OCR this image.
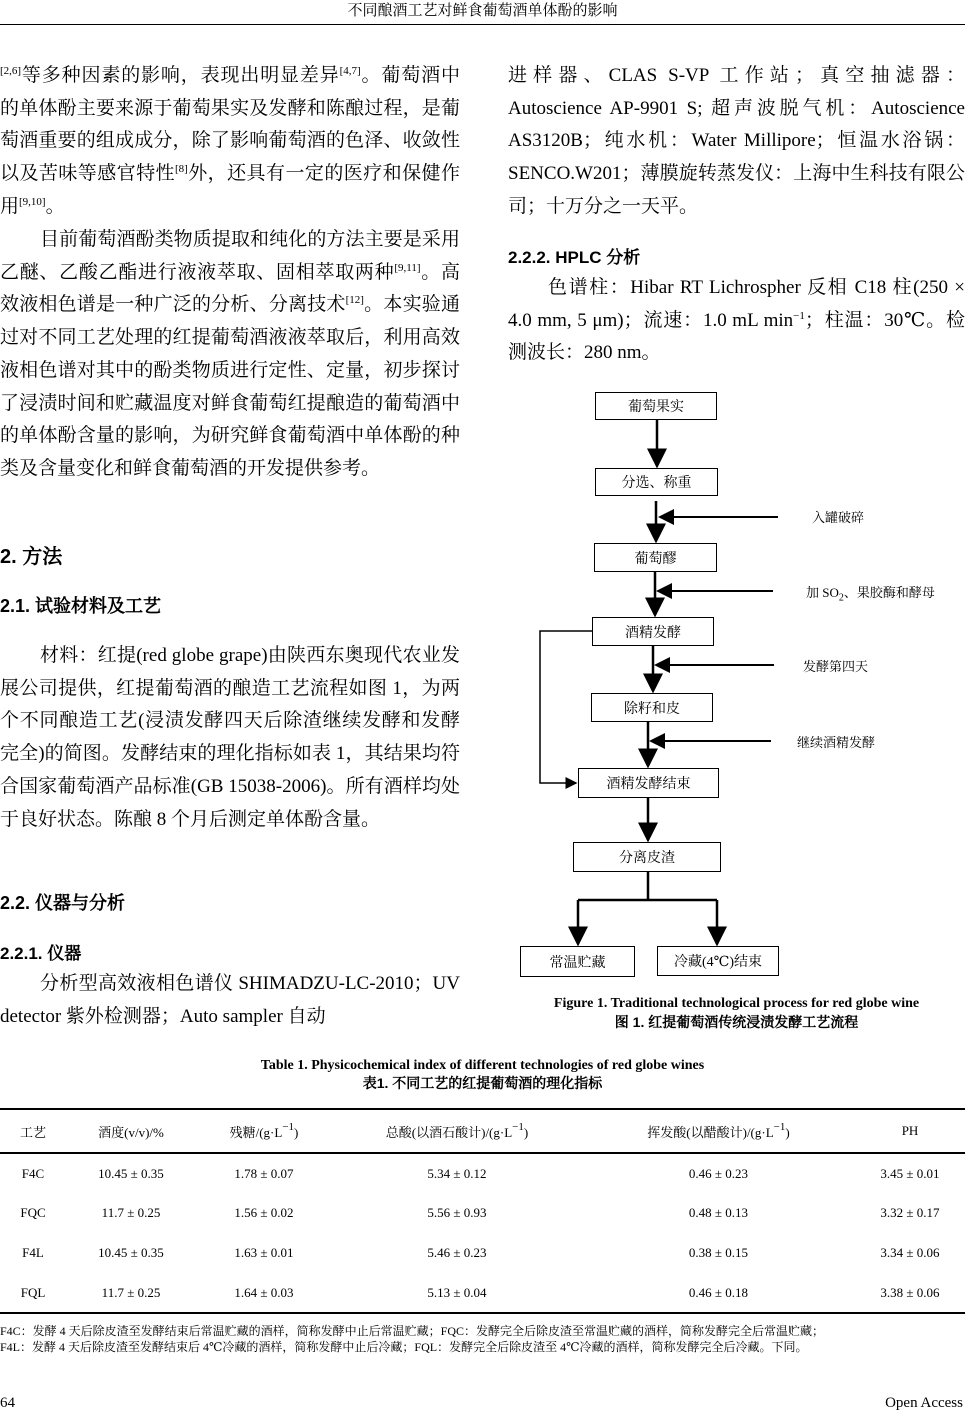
不同酿酒工艺对鲜食葡萄酒单体酚的影响
[2,6]等多种因素的影响，表现出明显差异[4,7]。葡萄酒中的单体酚主要来源于葡萄果实及发酵和陈酿过程，是葡萄酒重要的组成成分，除了影响葡萄酒的色泽、收敛性以及苦味等感官特性[8]外，还具有一定的医疗和保健作用[9,10]。
目前葡萄酒酚类物质提取和纯化的方法主要是采用乙醚、乙酸乙酯进行液液萃取、固相萃取两种[9,11]。高效液相色谱是一种广泛的分析、分离技术[12]。本实验通过对不同工艺处理的红提葡萄酒液液萃取后，利用高效液相色谱对其中的酚类物质进行定性、定量，初步探讨了浸渍时间和贮藏温度对鲜食葡萄红提酿造的葡萄酒中的单体酚含量的影响，为研究鲜食葡萄酒中单体酚的种类及含量变化和鲜食葡萄酒的开发提供参考。
2. 方法
2.1. 试验材料及工艺
材料：红提(red globe grape)由陕西东奥现代农业发展公司提供，红提葡萄酒的酿造工艺流程如图 1，为两个不同酿造工艺(浸渍发酵四天后除渣继续发酵和发酵完全)的简图。发酵结束的理化指标如表 1，其结果均符合国家葡萄酒产品标准(GB 15038-2006)。所有酒样均处于良好状态。陈酿 8 个月后测定单体酚含量。
2.2. 仪器与分析
2.2.1. 仪器
分析型高效液相色谱仪 SHIMADZU-LC-2010；UV detector 紫外检测器；Auto sampler 自动
进样器、CLAS S-VP 工作站；真空抽滤器：Autoscience AP-9901 S; 超声波脱气机：Autoscience AS3120B；纯水机：Water Millipore；恒温水浴锅：SENCO.W201；薄膜旋转蒸发仪：上海中生科技有限公司；十万分之一天平。
2.2.2. HPLC 分析
色谱柱：Hibar RT Lichrospher 反相 C18 柱(250 × 4.0 mm, 5 μm)；流速：1.0 mL $\min^{-1}$；柱温：30℃。检测波长：280 nm。
葡萄果实
分选、称重
葡萄醪
酒精发酵
除籽和皮
酒精发酵结束
分离皮渣
常温贮藏	冷藏(4℃)结束
入罐破碎
加 $SO_2$、果胶酶和酵母
发酵第四天
继续酒精发酵
Figure 1. Traditional technological process for red globe wine
图 1. 红提葡萄酒传统浸渍发酵工艺流程
Table 1. Physicochemical index of different technologies of red globe wines
表1. 不同工艺的红提葡萄酒的理化指标
工艺	酒度(v/v)/%	残糖$/(g\cdot L^{-1})$	总酸(以酒石酸计)$/(g\cdot L^{-1})$	挥发酸(以醋酸计)$/(g\cdot L^{-1})$	PH
F4C	10.45 ± 0.35	1.78 ± 0.07	5.34 ± 0.12	0.46 ± 0.23	3.45 ± 0.01
FQC	11.7 ± 0.25	1.56 ± 0.02	5.56 ± 0.93	0.48 ± 0.13	3.32 ± 0.17
F4L	10.45 ± 0.35	1.63 ± 0.01	5.46 ± 0.23	0.38 ± 0.15	3.34 ± 0.06
FQL	11.7 ± 0.25	1.64 ± 0.03	5.13 ± 0.04	0.46 ± 0.18	3.38 ± 0.06
F4C：发酵 4 天后除皮渣至发酵结束后常温贮藏的酒样，简称发酵中止后常温贮藏；FQC：发酵完全后除皮渣至常温贮藏的酒样，简称发酵完全后常温贮藏；
F4L：发酵 4 天后除皮渣至发酵结束后 4℃冷藏的酒样，简称发酵中止后冷藏；FQL：发酵完全后除皮渣至 4℃冷藏的酒样，简称发酵完全后冷藏。下同。
64	Open Access
